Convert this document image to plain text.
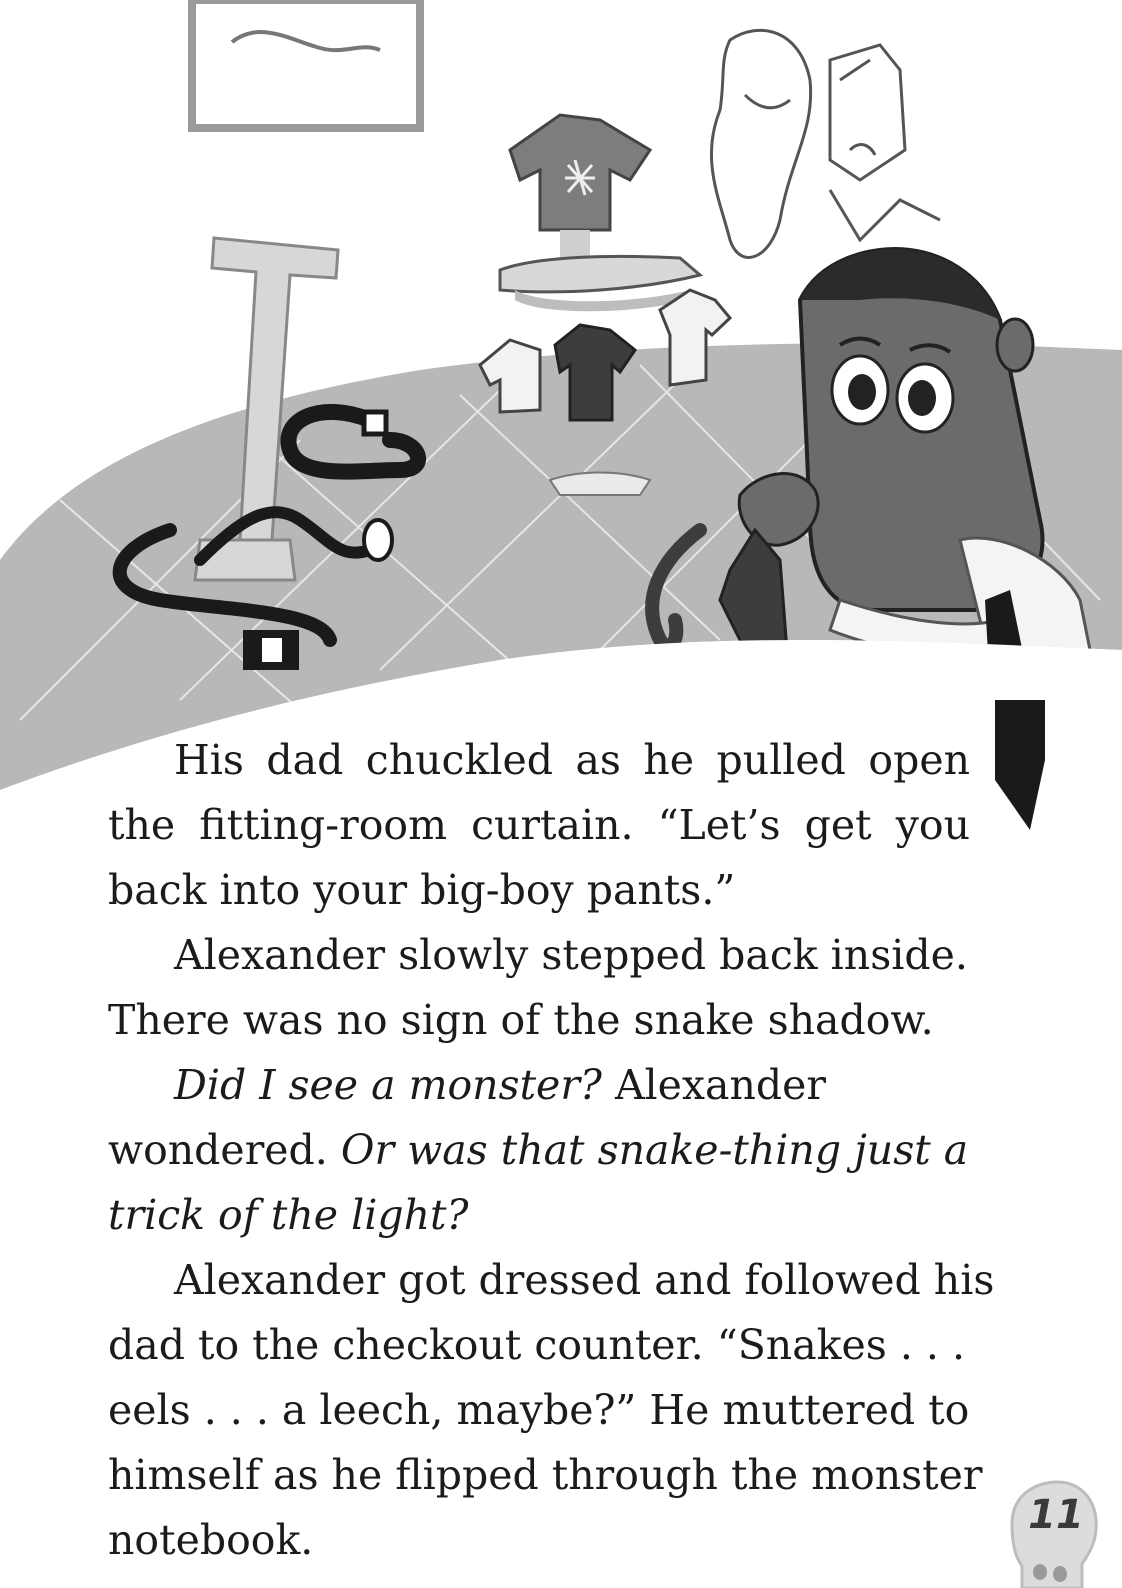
His dad chuckled as he pulled open the fitting-room curtain. “Let’s get you back into your big-boy pants.”

Alexander slowly stepped back inside. There was no sign of the snake shadow.

Did I see a monster? Alexander wondered. Or was that snake-thing just a trick of the light?

Alexander got dressed and followed his dad to the checkout counter. “Snakes . . . eels . . . a leech, maybe?” He muttered to himself as he flipped through the monster notebook.

11
